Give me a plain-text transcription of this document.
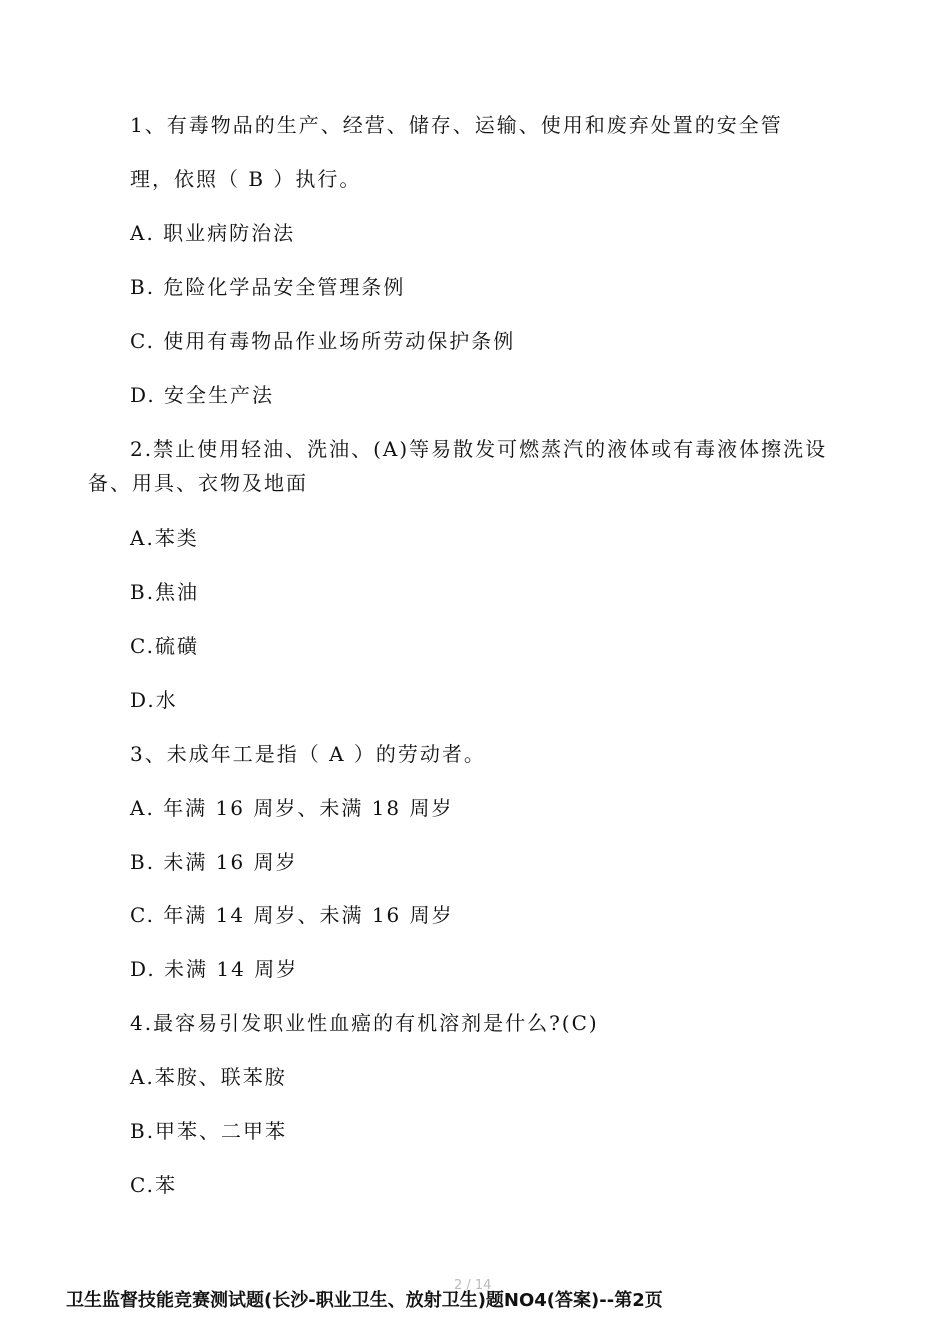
1、有毒物品的生产、经营、储存、运输、使用和废弃处置的安全管

理，依照（ B ）执行。

A. 职业病防治法

B. 危险化学品安全管理条例

C. 使用有毒物品作业场所劳动保护条例

D. 安全生产法

2.禁止使用轻油、洗油、(A)等易散发可燃蒸汽的液体或有毒液体擦洗设

备、用具、衣物及地面

A.苯类

B.焦油

C.硫磺

D.水

3、未成年工是指（ A ）的劳动者。

A. 年满 16 周岁、未满 18 周岁

B. 未满 16 周岁

C. 年满 14 周岁、未满 16 周岁

D. 未满 14 周岁

4.最容易引发职业性血癌的有机溶剂是什么?(C)

A.苯胺、联苯胺

B.甲苯、二甲苯

C.苯

2 / 14

卫生监督技能竞赛测试题(长沙-职业卫生、放射卫生)题NO4(答案)--第2页
